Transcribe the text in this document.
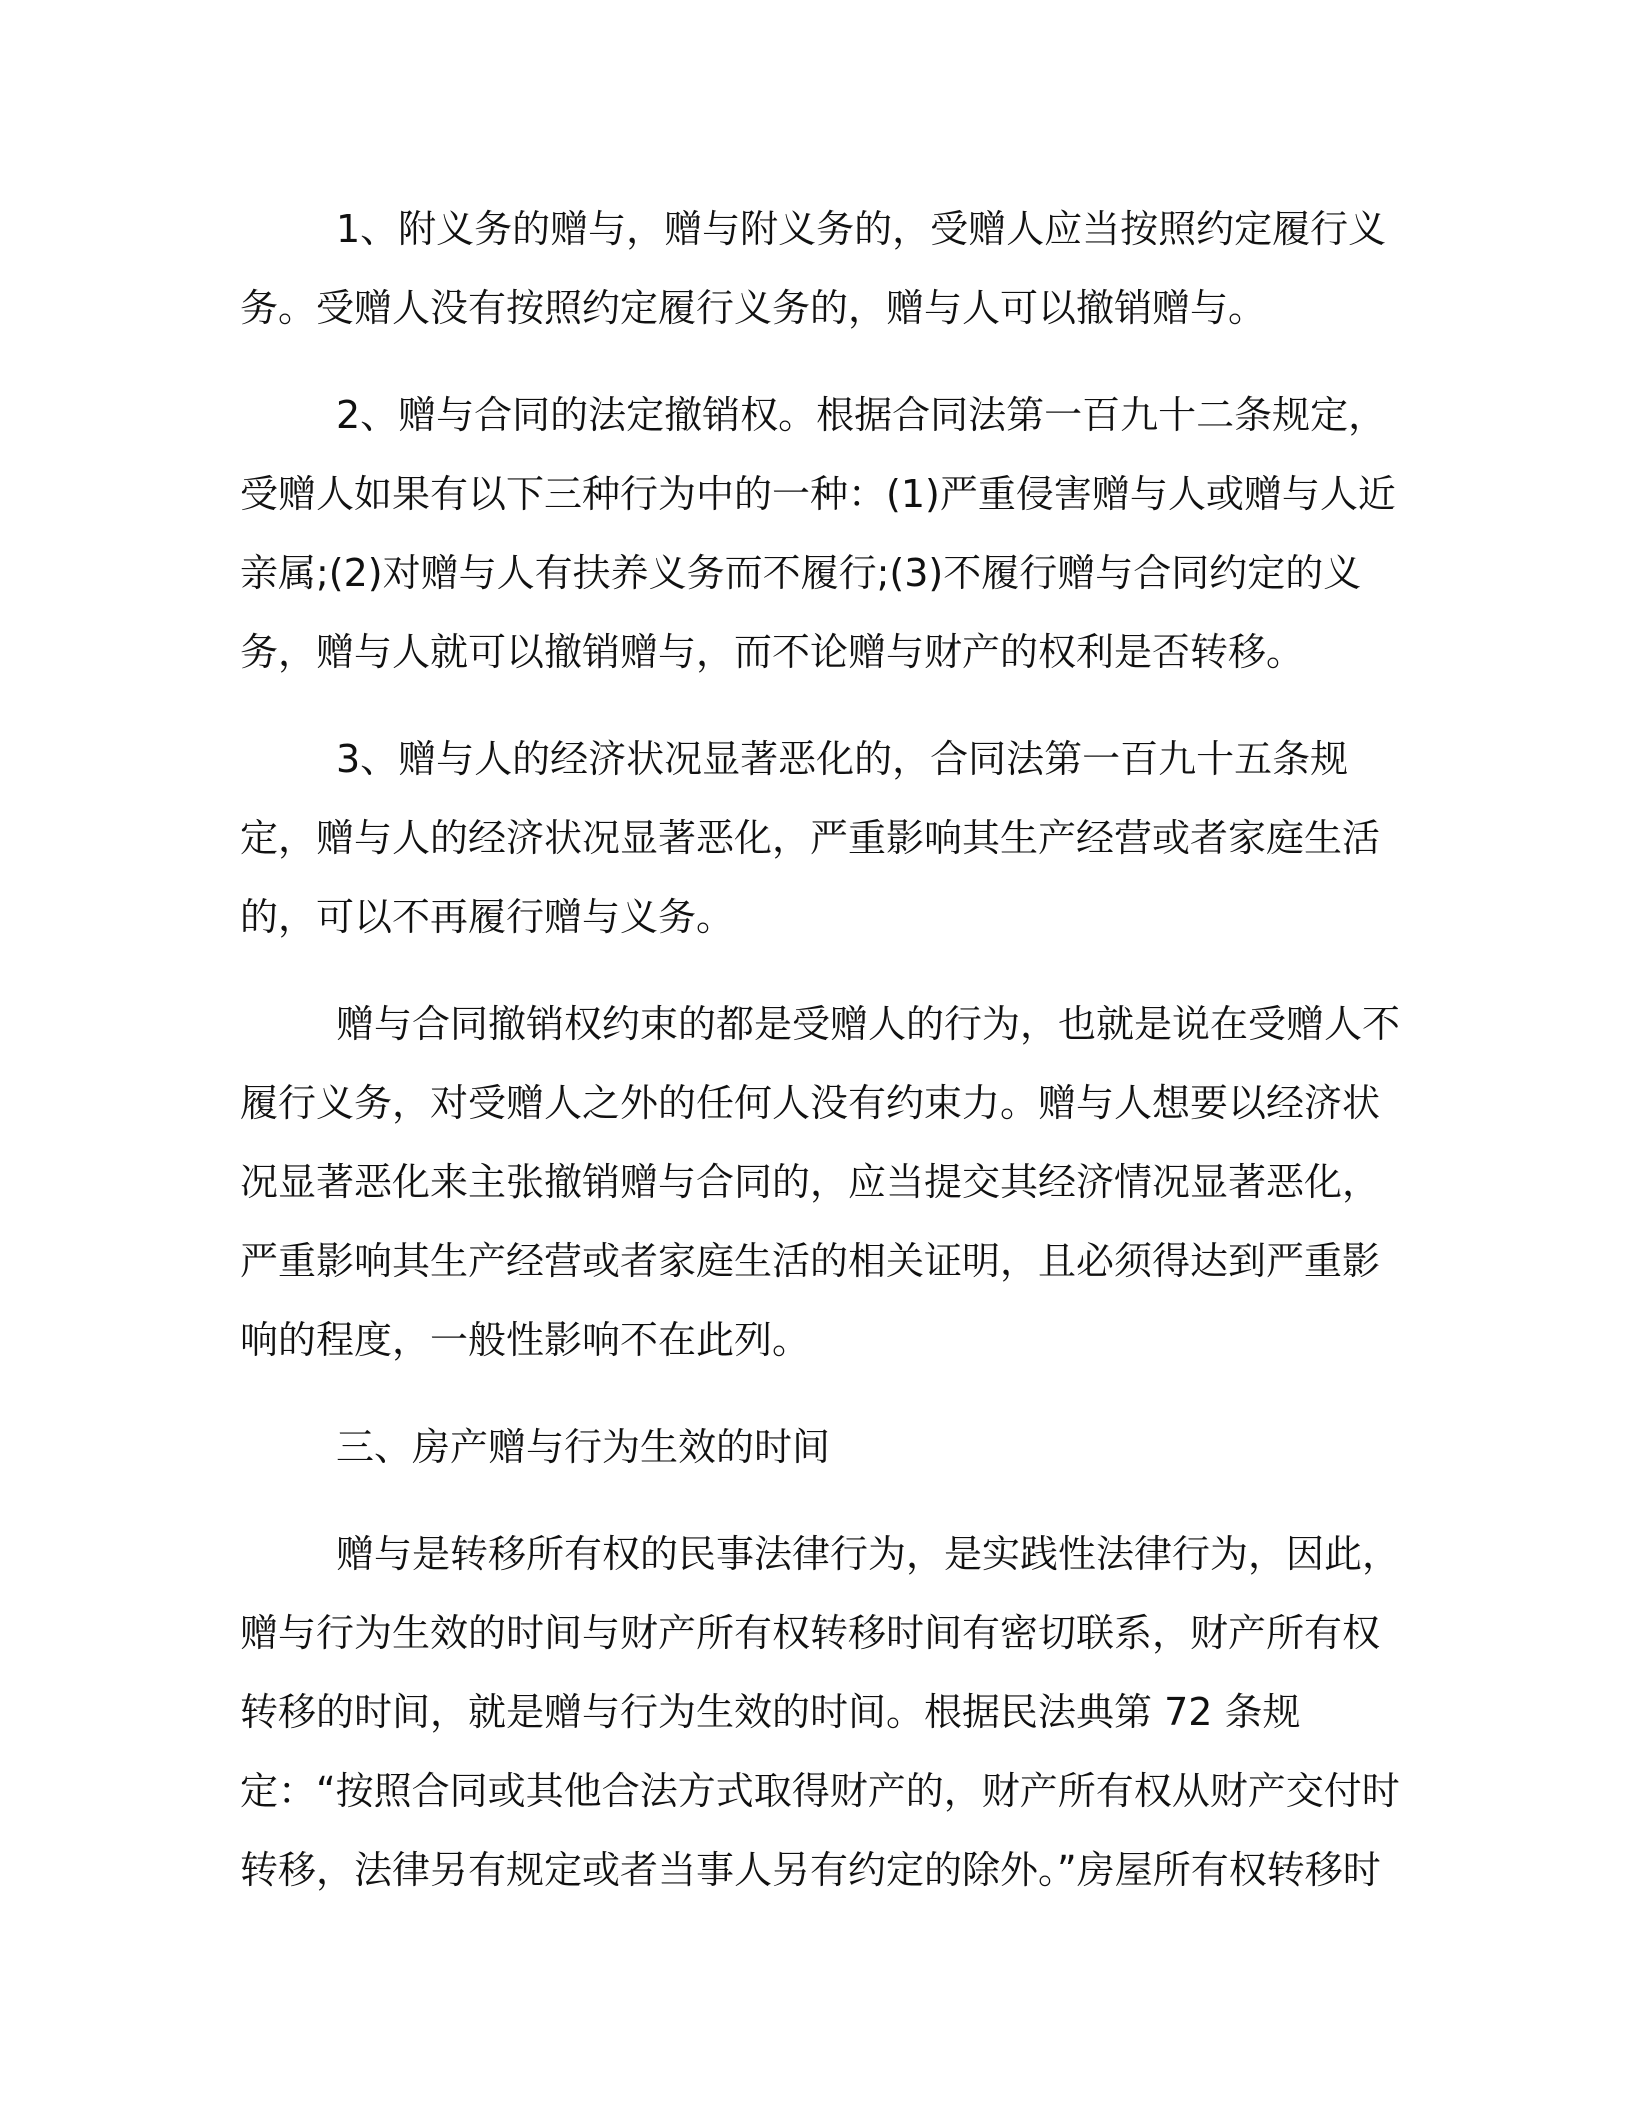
1、附义务的赠与，赠与附义务的，受赠人应当按照约定履行义务。受赠人没有按照约定履行义务的，赠与人可以撤销赠与。

2、赠与合同的法定撤销权。根据合同法第一百九十二条规定，受赠人如果有以下三种行为中的一种：(1)严重侵害赠与人或赠与人近亲属;(2)对赠与人有扶养义务而不履行;(3)不履行赠与合同约定的义务，赠与人就可以撤销赠与，而不论赠与财产的权利是否转移。

3、赠与人的经济状况显著恶化的，合同法第一百九十五条规定，赠与人的经济状况显著恶化，严重影响其生产经营或者家庭生活的，可以不再履行赠与义务。

赠与合同撤销权约束的都是受赠人的行为，也就是说在受赠人不履行义务，对受赠人之外的任何人没有约束力。赠与人想要以经济状况显著恶化来主张撤销赠与合同的，应当提交其经济情况显著恶化，严重影响其生产经营或者家庭生活的相关证明，且必须得达到严重影响的程度，一般性影响不在此列。

三、房产赠与行为生效的时间

赠与是转移所有权的民事法律行为，是实践性法律行为，因此，赠与行为生效的时间与财产所有权转移时间有密切联系，财产所有权转移的时间，就是赠与行为生效的时间。根据民法典第 72 条规定：“按照合同或其他合法方式取得财产的，财产所有权从财产交付时转移，法律另有规定或者当事人另有约定的除外。”房屋所有权转移时
